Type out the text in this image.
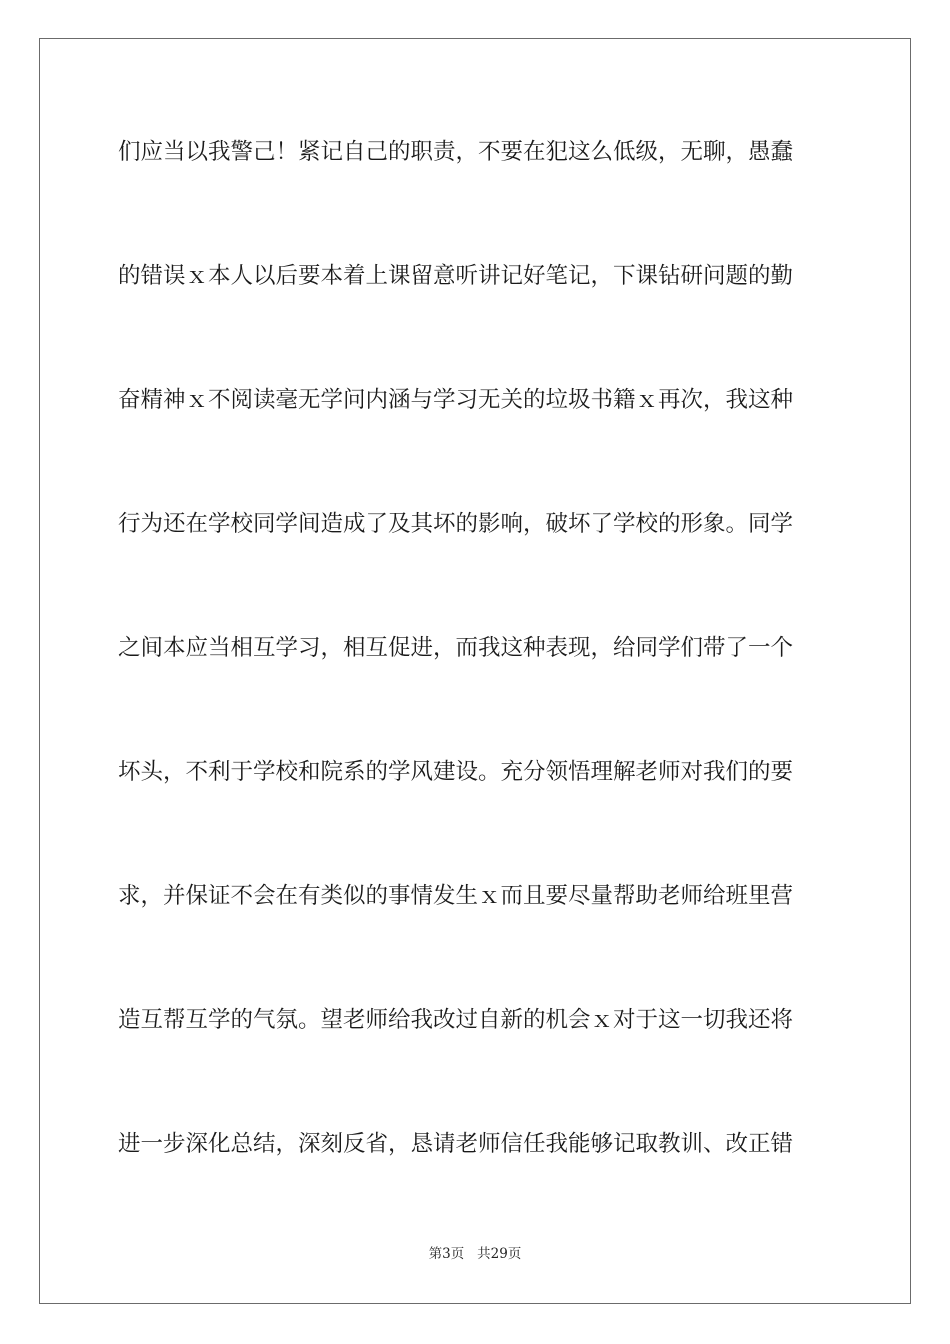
们应当以我警己！紧记自己的职责，不要在犯这么低级，无聊，愚蠢
的错误ｘ本人以后要本着上课留意听讲记好笔记，下课钻研问题的勤
奋精神ｘ不阅读毫无学问内涵与学习无关的垃圾书籍ｘ再次，我这种
行为还在学校同学间造成了及其坏的影响，破坏了学校的形象。同学
之间本应当相互学习，相互促进，而我这种表现，给同学们带了一个
坏头，不利于学校和院系的学风建设。充分领悟理解老师对我们的要
求，并保证不会在有类似的事情发生ｘ而且要尽量帮助老师给班里营
造互帮互学的气氛。望老师给我改过自新的机会ｘ对于这一切我还将
进一步深化总结，深刻反省，恳请老师信任我能够记取教训、改正错
第3页 共29页
